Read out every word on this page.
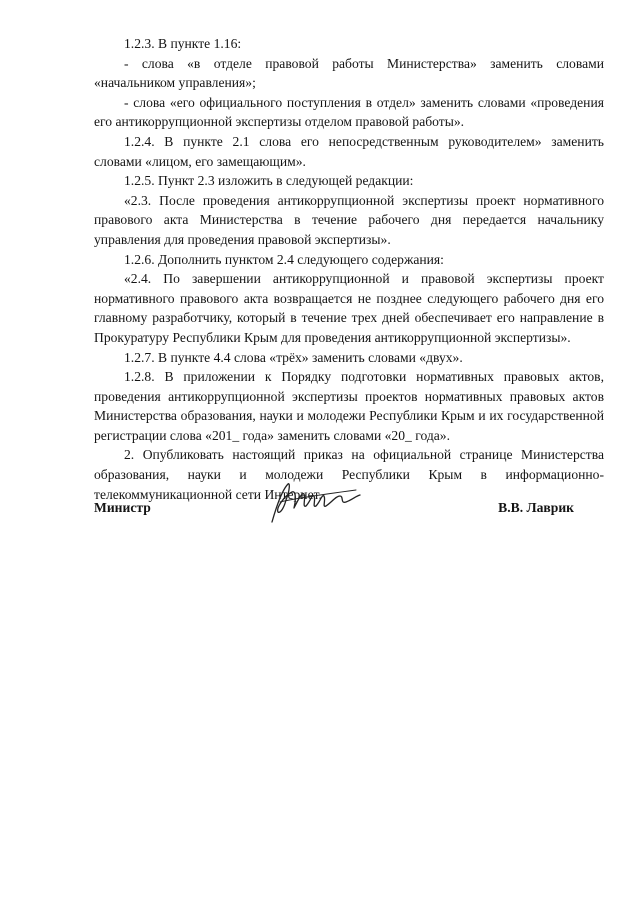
1.2.3. В пункте 1.16:

- слова «в отделе правовой работы Министерства» заменить словами «начальником управления»;

- слова «его официального поступления в отдел» заменить словами «проведения его антикоррупционной экспертизы отделом правовой работы».

1.2.4. В пункте 2.1 слова его непосредственным руководителем» заменить словами «лицом, его замещающим».

1.2.5. Пункт 2.3 изложить в следующей редакции:

«2.3. После проведения антикоррупционной экспертизы проект нормативного правового акта Министерства в течение рабочего дня передается начальнику управления для проведения правовой экспертизы».

1.2.6. Дополнить пунктом 2.4 следующего содержания:

«2.4. По завершении антикоррупционной и правовой экспертизы проект нормативного правового акта возвращается не позднее следующего рабочего дня его главному разработчику, который в течение трех дней обеспечивает его направление в Прокуратуру Республики Крым для проведения антикоррупционной экспертизы».

1.2.7. В пункте 4.4 слова «трёх» заменить словами «двух».

1.2.8. В приложении к Порядку подготовки нормативных правовых актов, проведения антикоррупционной экспертизы проектов нормативных правовых актов Министерства образования, науки и молодежи Республики Крым и их государственной регистрации слова «201_ года» заменить словами «20_ года».

2. Опубликовать настоящий приказ на официальной странице Министерства образования, науки и молодежи Республики Крым в информационно-телекоммуникационной сети Интернет.

Министр	В.В. Лаврик
